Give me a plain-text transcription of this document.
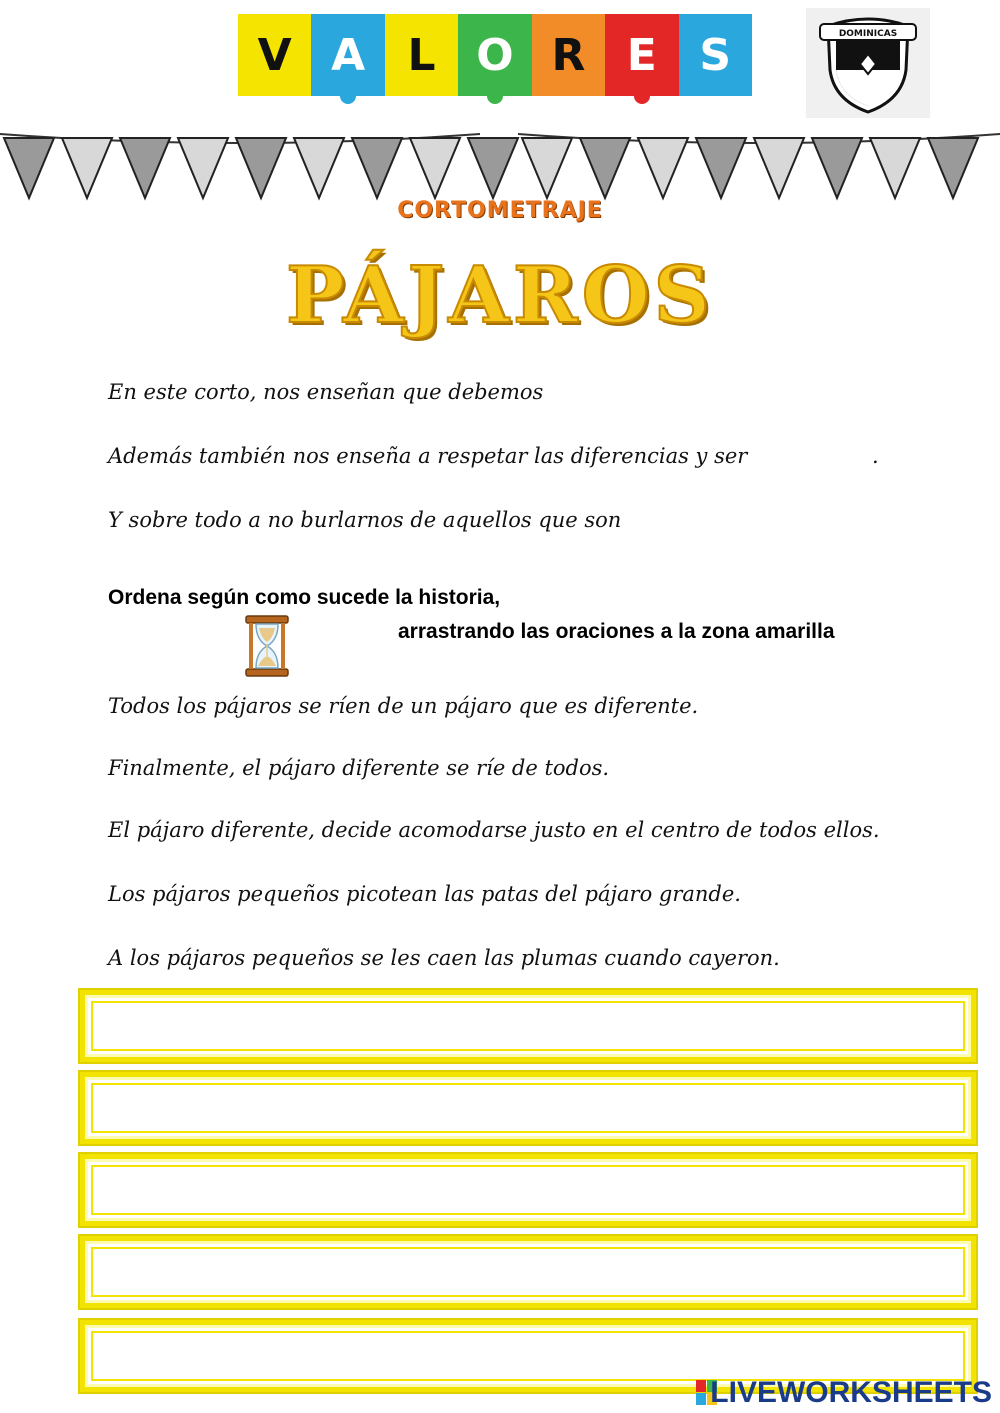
V A L O R E S	DOMINICAS
CORTOMETRAJE
PÁJAROS
En este corto, nos enseñan que debemos
Además también nos enseña a respetar las diferencias y ser	.
Y sobre todo a no burlarnos de aquellos que son
Ordena según como sucede la historia,
arrastrando las oraciones a la zona amarilla
Todos los pájaros se ríen de un pájaro que es diferente.
Finalmente, el pájaro diferente se ríe de todos.
El pájaro diferente, decide acomodarse justo en el centro de todos ellos.
Los pájaros pequeños picotean las patas del pájaro grande.
A los pájaros pequeños se les caen las plumas cuando cayeron.
LIVEWORKSHEETS
